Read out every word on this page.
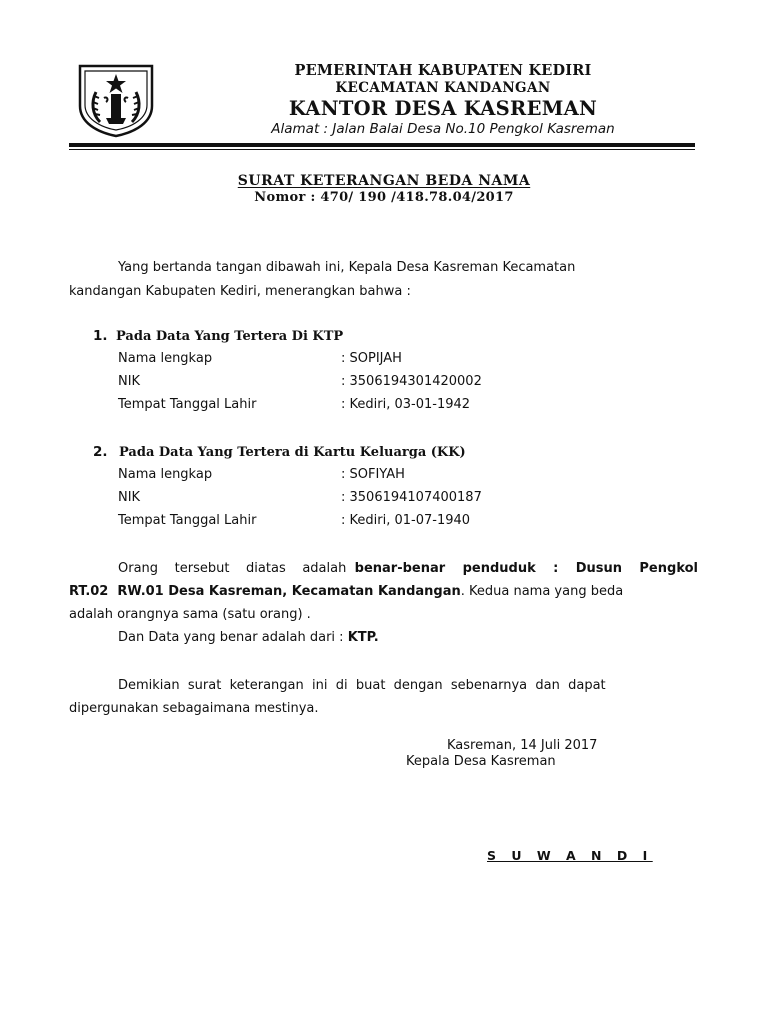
PEMERINTAH KABUPATEN KEDIRI
KECAMATAN KANDANGAN
KANTOR DESA KASREMAN
Alamat : Jalan Balai Desa No.10 Pengkol Kasreman
SURAT KETERANGAN BEDA NAMA
Nomor : 470/ 190 /418.78.04/2017
Yang bertanda tangan dibawah ini, Kepala Desa Kasreman Kecamatan
kandangan Kabupaten Kediri, menerangkan bahwa :
1. Pada Data Yang Tertera Di KTP
Nama lengkap	: SOPIJAH
NIK	: 3506194301420002
Tempat Tanggal Lahir	: Kediri, 03-01-1942
2. Pada Data Yang Tertera di Kartu Keluarga (KK)
Nama lengkap	: SOFIYAH
NIK	: 3506194107400187
Tempat Tanggal Lahir	: Kediri, 01-07-1940
Orang  tersebut  diatas  adalah benar-benar  penduduk  :  Dusun  Pengkol
RT.02  RW.01 Desa Kasreman, Kecamatan Kandangan. Kedua nama yang beda
adalah orangnya sama (satu orang) .
Dan Data yang benar adalah dari : KTP.
Demikian  surat  keterangan  ini  di  buat  dengan  sebenarnya  dan  dapat
dipergunakan sebagaimana mestinya.
Kasreman, 14 Juli 2017
Kepala Desa Kasreman
S U W A N D I
